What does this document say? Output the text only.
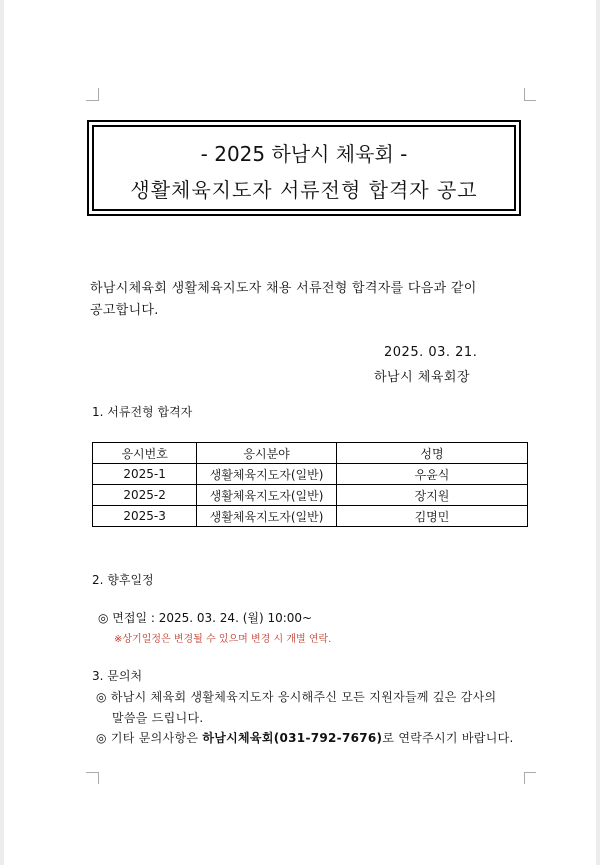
- 2025 하남시 체육회 -
생활체육지도자 서류전형 합격자 공고
하남시체육회 생활체육지도자 채용 서류전형 합격자를 다음과 같이
공고합니다.
2025. 03. 21.
하남시 체육회장
1. 서류전형 합격자
응시번호	응시분야	성명
2025-1	생활체육지도자(일반)	우윤식
2025-2	생활체육지도자(일반)	장지원
2025-3	생활체육지도자(일반)	김명민
2. 향후일정
◎ 면접일 : 2025. 03. 24. (월) 10:00~
※상기일정은 변경될 수 있으며 변경 시 개별 연락.
3. 문의처
◎ 하남시 체육회 생활체육지도자 응시해주신 모든 지원자들께 깊은 감사의
말씀을 드립니다.
◎ 기타 문의사항은 하남시체육회(031-792-7676)로 연락주시기 바랍니다.
